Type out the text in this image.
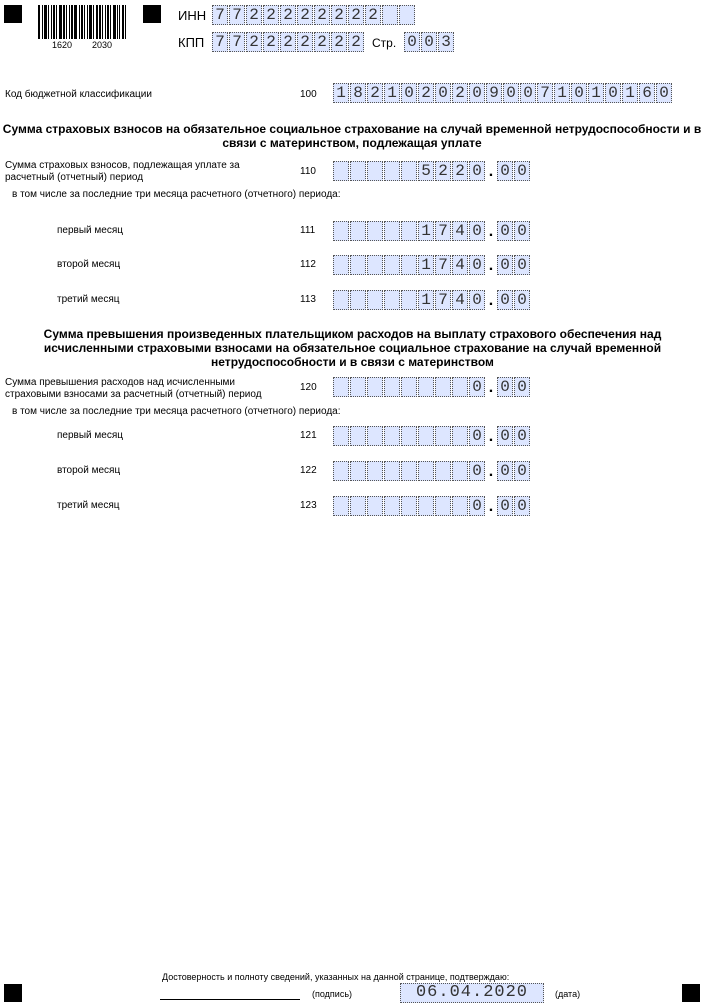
1620 2030
ИНН 7 7 2 2 2 2 2 2 2 2
КПП 7 7 2 2 2 2 2 2 2 Стр. 0 0 3
Код бюджетной классификации	100 1 8 2 1 0 2 0 2 0 9 0 0 7 1 0 1 0 1 6 0
Сумма страховых взносов на обязательное социальное страхование на случай временной нетрудоспособности и в связи с материнством, подлежащая уплате
Сумма страховых взносов, подлежащая уплате за расчетный (отчетный) период
110	5 2 2 0 . 0 0
в том числе за последние три месяца расчетного (отчетного) периода:
первый месяц	111	1 7 4 0 . 0 0
второй месяц	112	1 7 4 0 . 0 0
третий месяц	113	1 7 4 0 . 0 0
Сумма превышения произведенных плательщиком расходов на выплату страхового обеспечения над исчисленными страховыми взносами на обязательное социальное страхование на случай временной нетрудоспособности и в связи с материнством
Сумма превышения расходов над исчисленными страховыми взносами за расчетный (отчетный) период
120	0 . 0 0
в том числе за последние три месяца расчетного (отчетного) периода:
первый месяц	121	0 . 0 0
второй месяц	122	0 . 0 0
третий месяц	123	0 . 0 0
Достоверность и полноту сведений, указанных на данной странице, подтверждаю:
(подпись)	06.04.2020	(дата)
